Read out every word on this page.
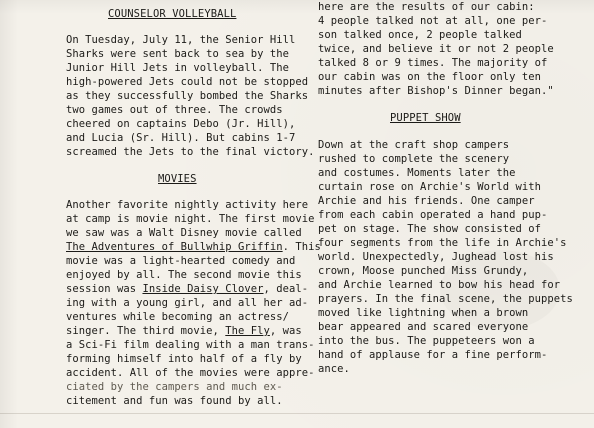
COUNSELOR VOLLEYBALL
On Tuesday, July 11, the Senior Hill
Sharks were sent back to sea by the
Junior Hill Jets in volleyball. The
high-powered Jets could not be stopped
as they successfully bombed the Sharks
two games out of three. The crowds
cheered on captains Debo (Jr. Hill),
and Lucia (Sr. Hill). But cabins 1-7
screamed the Jets to the final victory.
MOVIES
Another favorite nightly activity here
at camp is movie night. The first movie
we saw was a Walt Disney movie called
The Adventures of Bullwhip Griffin. This
movie was a light-hearted comedy and
enjoyed by all. The second movie this
session was Inside Daisy Clover, deal-
ing with a young girl, and all her ad-
ventures while becoming an actress/
singer. The third movie, The Fly, was
a Sci-Fi film dealing with a man trans-
forming himself into half of a fly by
accident. All of the movies were appre-
ciated by the campers and much ex-
citement and fun was found by all.
here are the results of our cabin:
4 people talked not at all, one per-
son talked once, 2 people talked
twice, and believe it or not 2 people
talked 8 or 9 times. The majority of
our cabin was on the floor only ten
minutes after Bishop's Dinner began."
PUPPET SHOW
Down at the craft shop campers
rushed to complete the scenery
and costumes. Moments later the
curtain rose on Archie's World with
Archie and his friends. One camper
from each cabin operated a hand pup-
pet on stage. The show consisted of
four segments from the life in Archie's
world. Unexpectedly, Jughead lost his
crown, Moose punched Miss Grundy,
and Archie learned to bow his head for
prayers. In the final scene, the puppets
moved like lightning when a brown
bear appeared and scared everyone
into the bus. The puppeteers won a
hand of applause for a fine perform-
ance.
